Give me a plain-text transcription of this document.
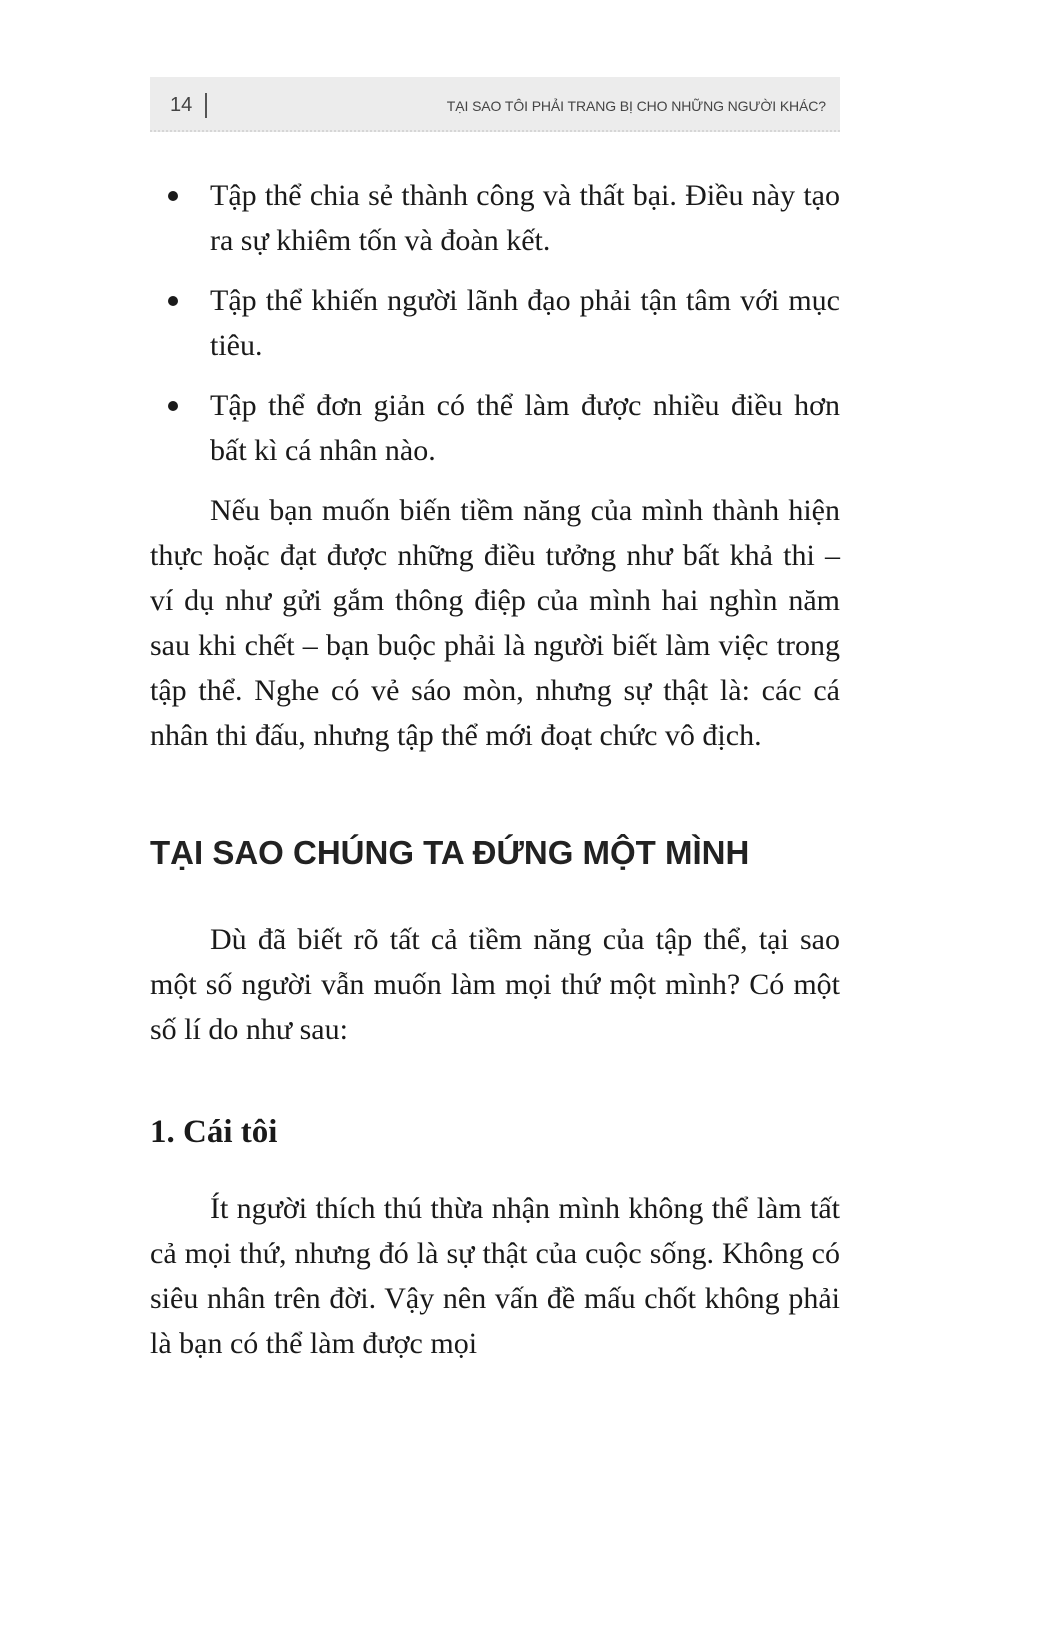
14	TẠI SAO TÔI PHẢI TRANG BỊ CHO NHỮNG NGƯỜI KHÁC?
Tập thể chia sẻ thành công và thất bại. Điều này tạo ra sự khiêm tốn và đoàn kết.
Tập thể khiến người lãnh đạo phải tận tâm với mục tiêu.
Tập thể đơn giản có thể làm được nhiều điều hơn bất kì cá nhân nào.

Nếu bạn muốn biến tiềm năng của mình thành hiện thực hoặc đạt được những điều tưởng như bất khả thi – ví dụ như gửi gắm thông điệp của mình hai nghìn năm sau khi chết – bạn buộc phải là người biết làm việc trong tập thể. Nghe có vẻ sáo mòn, nhưng sự thật là: các cá nhân thi đấu, nhưng tập thể mới đoạt chức vô địch.

TẠI SAO CHÚNG TA ĐỨNG MỘT MÌNH

Dù đã biết rõ tất cả tiềm năng của tập thể, tại sao một số người vẫn muốn làm mọi thứ một mình? Có một số lí do như sau:

1. Cái tôi

Ít người thích thú thừa nhận mình không thể làm tất cả mọi thứ, nhưng đó là sự thật của cuộc sống. Không có siêu nhân trên đời. Vậy nên vấn đề mấu chốt không phải là bạn có thể làm được mọi
